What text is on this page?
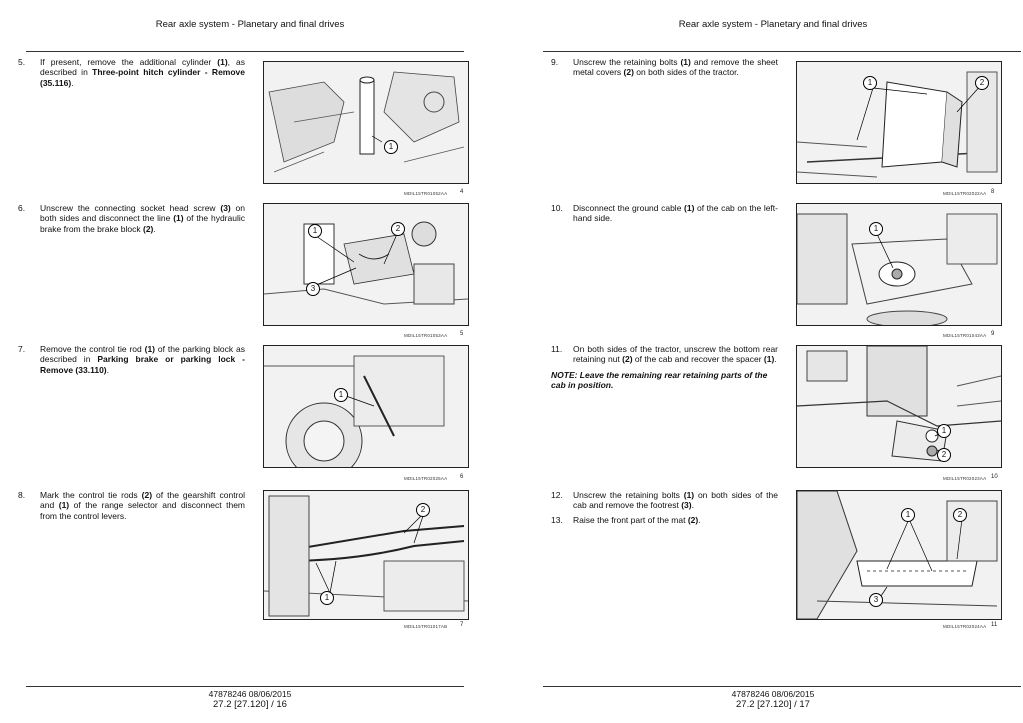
Rear axle system - Planetary and final drives
5. If present, remove the additional cylinder (1), as described in Three-point hitch cylinder - Remove (35.116).
1
MDIL15TR01052AA 4
6. Unscrew the connecting socket head screw (3) on both sides and disconnect the line (1) of the hydraulic brake from the brake block (2).	1	2
3
MDIL15TR01053AA 5
7. Remove the control tie rod (1) of the parking block as described in Parking brake or parking lock - Remove (33.110).
1
MDIL15TR02025AA 6
8. Mark the control tie rods (2) of the gearshift control and (1) of the range selector and disconnect them from the control levers.
2
1
MDIL15TR01017AB 7
47878246 08/06/2015
27.2 [27.120] / 16
Rear axle system - Planetary and final drives
9. Unscrew the retaining bolts (1) and remove the sheet metal covers (2) on both sides of the tractor.
1	2
MDIL15TR02022AA 8
10. Disconnect the ground cable (1) of the cab on the left-hand side.
1
MDIL15TR01043AA 9
11. On both sides of the tractor, unscrew the bottom rear retaining nut (2) of the cab and recover the spacer (1).
NOTE: Leave the remaining rear retaining parts of the cab in position.
1
2
MDIL15TR02023AA 10
12. Unscrew the retaining bolts (1) on both sides of the cab and remove the footrest (3).
13. Raise the front part of the mat (2).
1	2
3
MDIL15TR02024AA 11
47878246 08/06/2015
27.2 [27.120] / 17
